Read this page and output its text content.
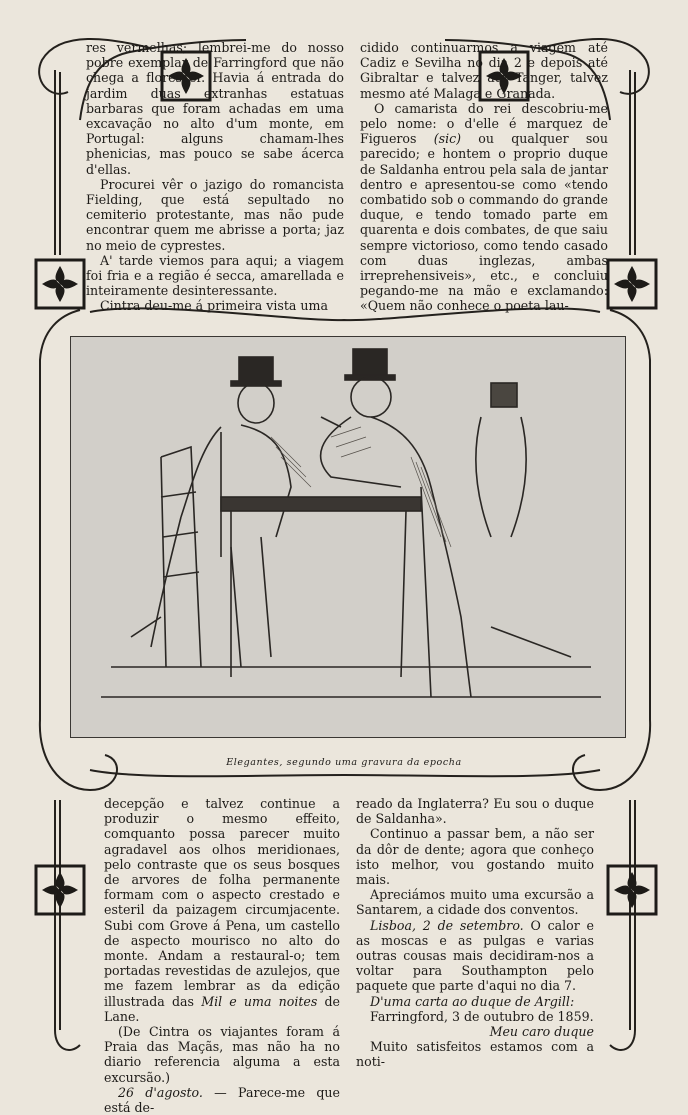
res vermelhas; lembrei-me do nosso pobre exemplar de Farringford que não chega a florescer. Havia á entrada do jardim duas extranhas estatuas barbaras que foram achadas em uma excavação no alto d'um monte, em Portugal: alguns chamam-lhes phenicias, mas pouco se sabe ácerca d'ellas.

Procurei vêr o jazigo do romancista Fielding, que está sepultado no cemiterio protestante, mas não pude encontrar quem me abrisse a porta; jaz no meio de cyprestes.

A' tarde viemos para aqui; a viagem foi fria e a região é secca, amarellada e inteiramente desinteressante.

Cintra deu-me á primeira vista uma

cidido continuarmos a viagem até Cadiz e Sevilha no dia 2 e depois até Gibraltar e talvez até Tanger, talvez mesmo até Malaga e Granada.

O camarista do rei descobriu-me pelo nome: o d'elle é marquez de Figueros (sic) ou qualquer sou parecido; e hontem o proprio duque de Saldanha entrou pela sala de jantar dentro e apresentou-se como «tendo combatido sob o commando do grande duque, e tendo tomado parte em quarenta e dois combates, de que saiu sempre victorioso, como tendo casado com duas inglezas, ambas irreprehensiveis», etc., e concluiu pegando-me na mão e exclamando: «Quem não conhece o poeta lau-

Elegantes, segundo uma gravura da epocha

decepção e talvez continue a produzir o mesmo effeito, comquanto possa parecer muito agradavel aos olhos meridionaes, pelo contraste que os seus bosques de arvores de folha permanente formam com o aspecto crestado e esteril da paizagem circumjacente. Subi com Grove á Pena, um castello de aspecto mourisco no alto do monte. Andam a restaural-o; tem portadas revestidas de azulejos, que me fazem lembrar as da edição illustrada das Mil e uma noites de Lane.

(De Cintra os viajantes foram á Praia das Maçãs, mas não ha no diario referencia alguma a esta excursão.)

26 d'agosto. — Parece-me que está de-

reado da Inglaterra? Eu sou o duque de Saldanha».

Continuo a passar bem, a não ser da dôr de dente; agora que conheço isto melhor, vou gostando muito mais.

Apreciámos muito uma excursão a Santarem, a cidade dos conventos.

Lisboa, 2 de setembro. O calor e as moscas e as pulgas e varias outras cousas mais decidiram-nos a voltar para Southampton pelo paquete que parte d'aqui no dia 7.

D'uma carta ao duque de Argill:

Farringford, 3 de outubro de 1859.

Meu caro duque

Muito satisfeitos estamos com a noti-
